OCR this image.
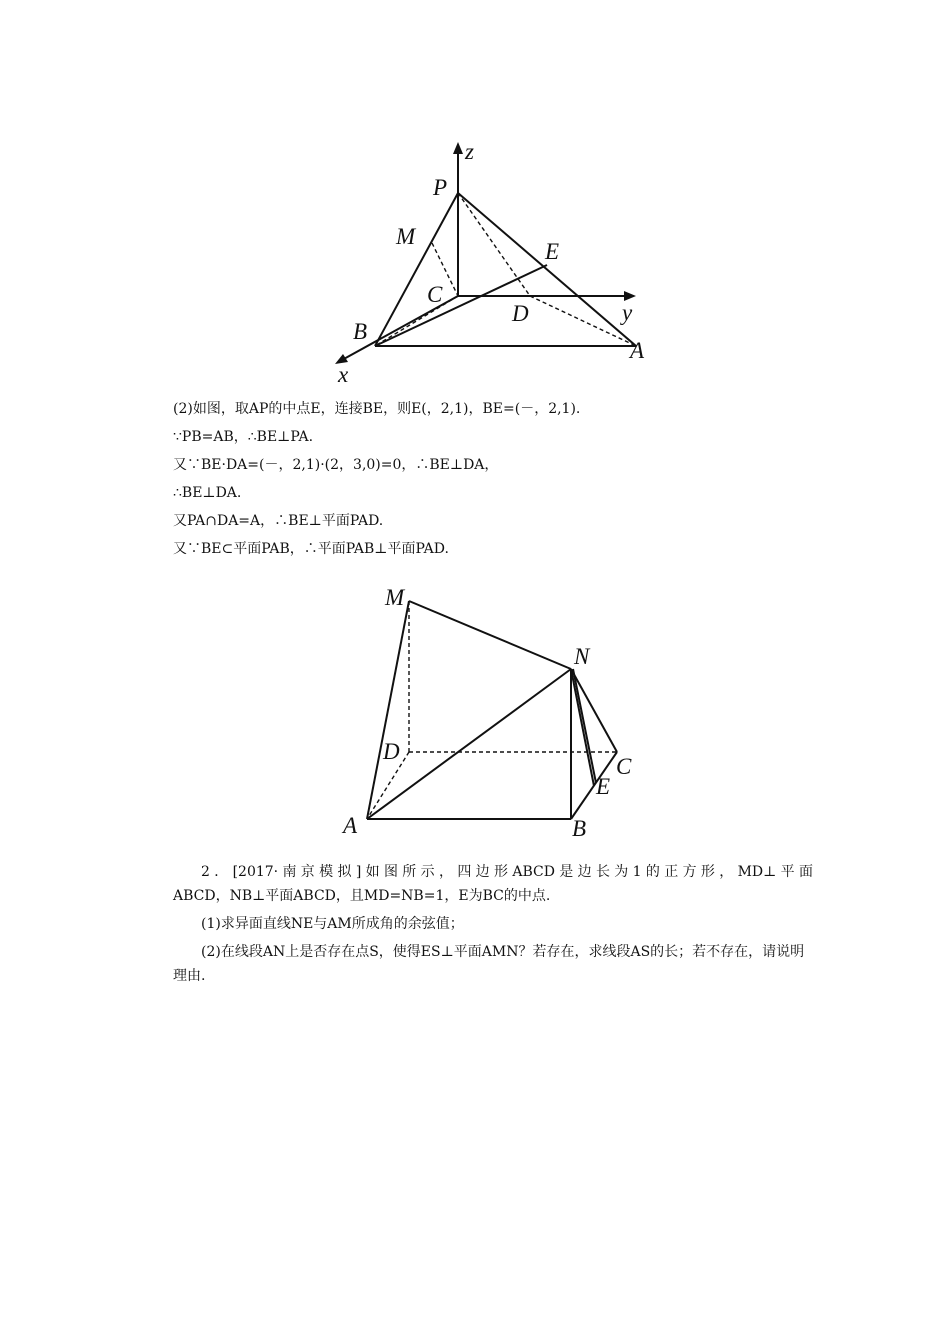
z
P
M
E
C
y
D
B
A
x
(2)如图，取AP的中点E，连接BE，则E(，2,1)，BE=(－，2,1).
∵PB=AB，∴BE⊥PA.
又∵BE·DA=(－，2,1)·(2，3,0)=0，∴BE⊥DA，
∴BE⊥DA.
又PA∩DA=A，∴BE⊥平面PAD.
又∵BE⊂平面PAB，∴平面PAB⊥平面PAD.
M
N
D
C
E
A	B

2．[2017·南京模拟]如图所示，四边形ABCD是边长为1的正方形，MD⊥平面

ABCD，NB⊥平面ABCD，且MD=NB=1，E为BC的中点.

(1)求异面直线NE与AM所成角的余弦值；

(2)在线段AN上是否存在点S，使得ES⊥平面AMN？若存在，求线段AS的长；若不存在，请说明理由.
